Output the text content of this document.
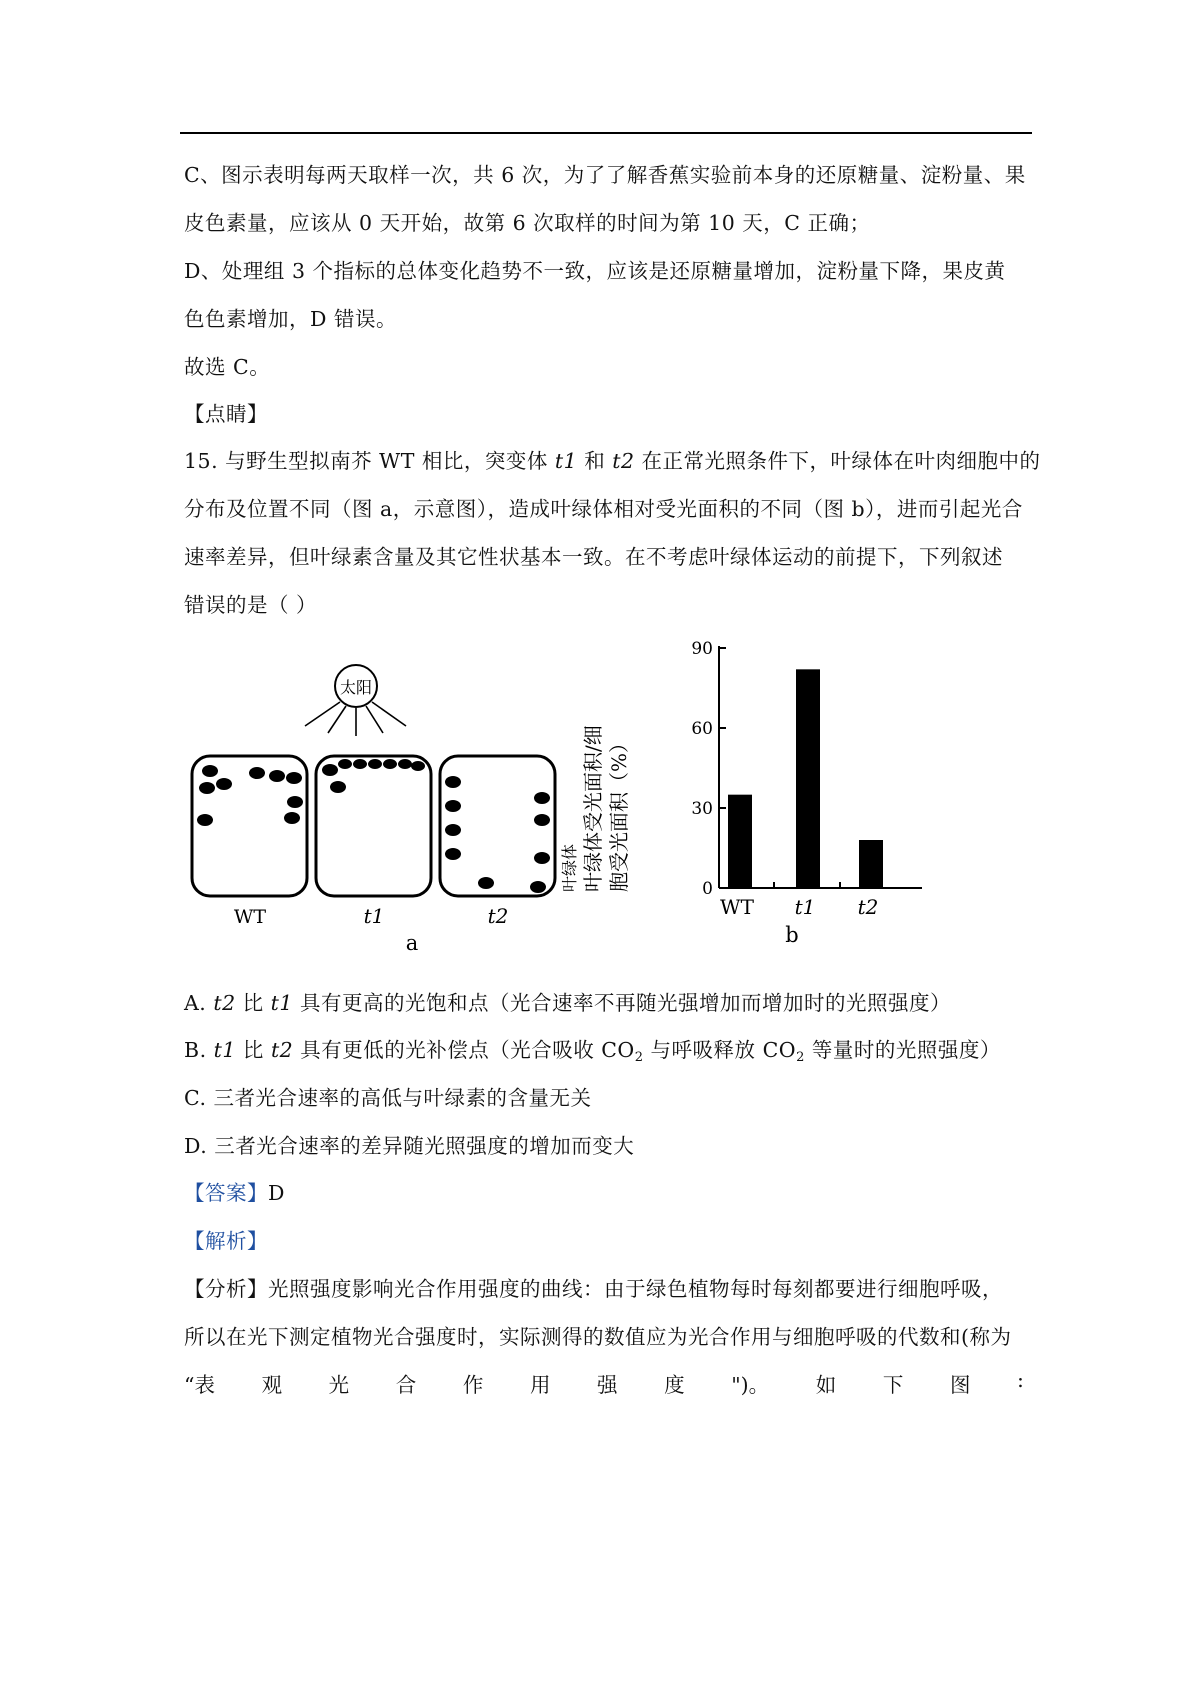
C、图示表明每两天取样一次，共 6 次，为了了解香蕉实验前本身的还原糖量、淀粉量、果
皮色素量，应该从 0 天开始，故第 6 次取样的时间为第 10 天，C 正确；
D、处理组 3 个指标的总体变化趋势不一致，应该是还原糖量增加，淀粉量下降，果皮黄
色色素增加，D 错误。
故选 C。
【点睛】
15. 与野生型拟南芥 WT 相比，突变体 t1 和 t2 在正常光照条件下，叶绿体在叶肉细胞中的
分布及位置不同（图 a，示意图），造成叶绿体相对受光面积的不同（图 b），进而引起光合
速率差异，但叶绿素含量及其它性状基本一致。在不考虑叶绿体运动的前提下，下列叙述
错误的是（ ）
太阳
WT	t1	t2
a
叶绿体 叶绿体受光面积/细 胞受光面积（%）	0
30
60
90
WT t1 t2
b
A. t2 比 t1 具有更高的光饱和点（光合速率不再随光强增加而增加时的光照强度）
B. t1 比 t2 具有更低的光补偿点（光合吸收 $CO_2$ 与呼吸释放 $CO_2$ 等量时的光照强度）
C. 三者光合速率的高低与叶绿素的含量无关
D. 三者光合速率的差异随光照强度的增加而变大
【答案】D
【解析】
【分析】光照强度影响光合作用强度的曲线：由于绿色植物每时每刻都要进行细胞呼吸，
所以在光下测定植物光合强度时，实际测得的数值应为光合作用与细胞呼吸的代数和(称为
“表 观 光 合 作 用 强 度 ")。 如 下 图 :
